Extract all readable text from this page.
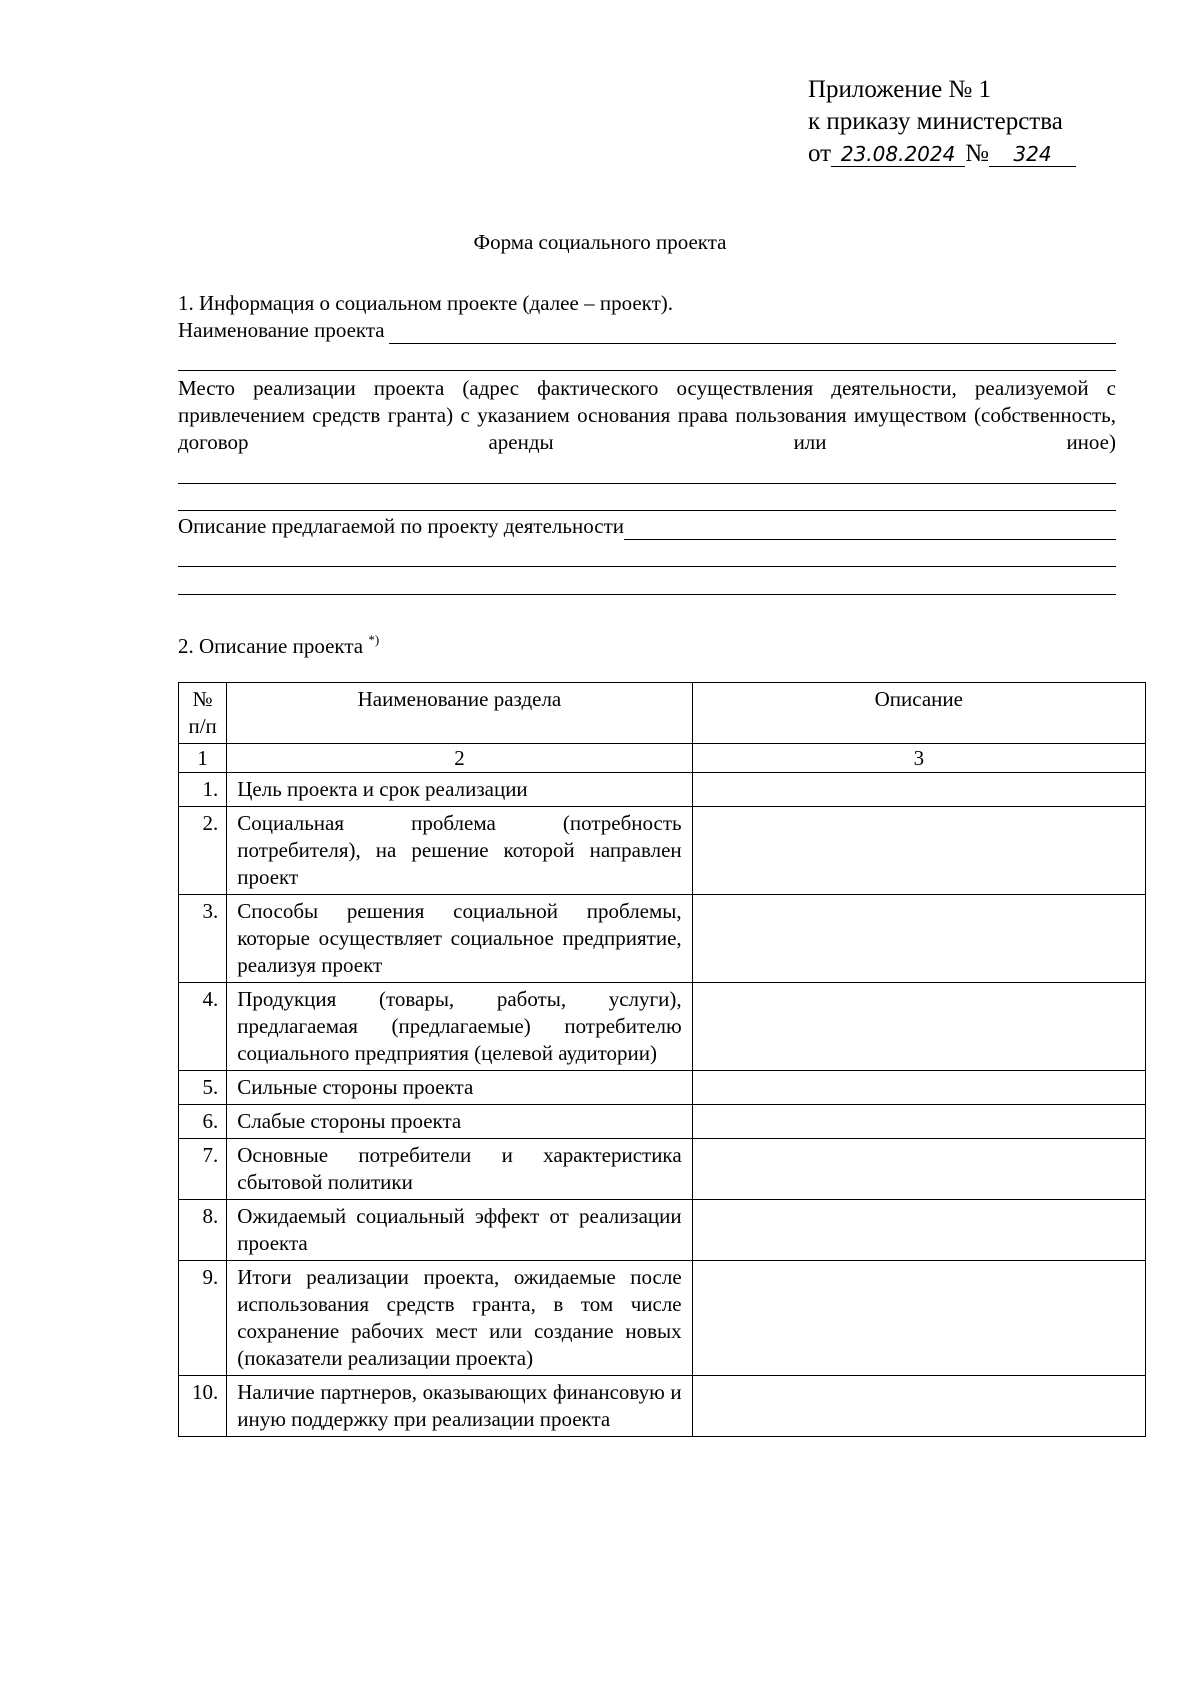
Приложение № 1
к приказу министерства
от 23.08.2024 № 324
Форма социального проекта
1. Информация о социальном проекте (далее – проект).
Наименование проекта
Место реализации проекта (адрес фактического осуществления деятельности, реализуемой с привлечением средств гранта) с указанием основания права пользования имуществом (собственность, договор аренды или иное)
Описание предлагаемой по проекту деятельности
2. Описание проекта *)
№ п/п	Наименование раздела	Описание
1	2	3
1.	Цель проекта и срок реализации	
2.	Социальная проблема (потребность потребителя), на решение которой направлен проект	
3.	Способы решения социальной проблемы, которые осуществляет социальное предприятие, реализуя проект	
4.	Продукция (товары, работы, услуги), предлагаемая (предлагаемые) потребителю социального предприятия (целевой аудитории)	
5.	Сильные стороны проекта	
6.	Слабые стороны проекта	
7.	Основные потребители и характеристика сбытовой политики	
8.	Ожидаемый социальный эффект от реализации проекта	
9.	Итоги реализации проекта, ожидаемые после использования средств гранта, в том числе сохранение рабочих мест или создание новых (показатели реализации проекта)	
10.	Наличие партнеров, оказывающих финансовую и иную поддержку при реализации проекта	
